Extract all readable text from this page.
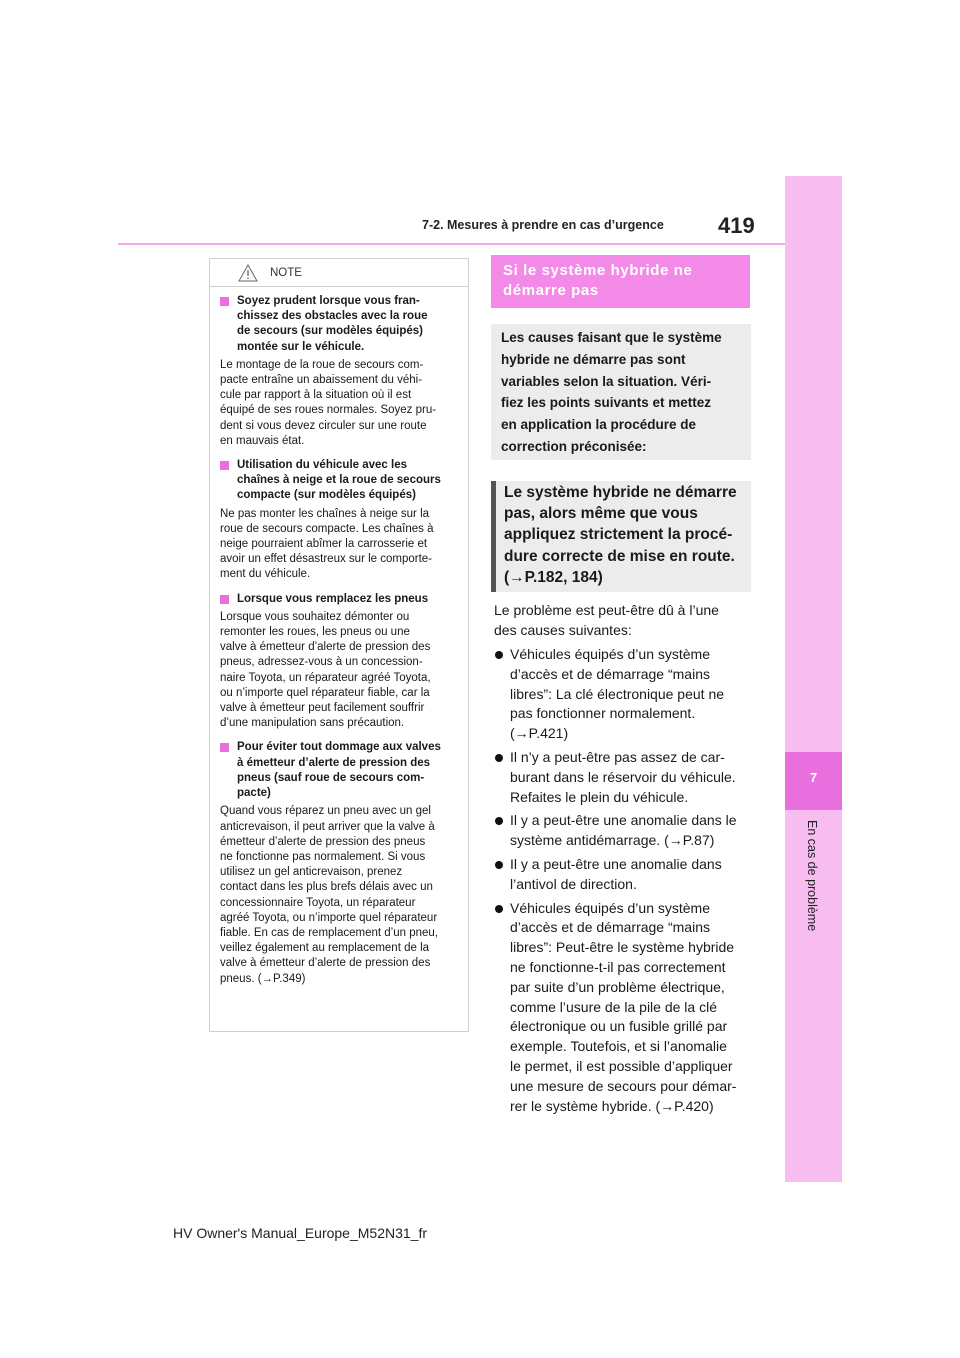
7
En cas de problème
7-2. Mesures à prendre en cas d’urgence 419
NOTE
Soyez prudent lorsque vous fran-
chissez des obstacles avec la roue
de secours (sur modèles équipés)
montée sur le véhicule.
Le montage de la roue de secours com-
pacte entraîne un abaissement du véhi-
cule par rapport à la situation où il est
équipé de ses roues normales. Soyez pru-
dent si vous devez circuler sur une route
en mauvais état.
Utilisation du véhicule avec les
chaînes à neige et la roue de secours
compacte (sur modèles équipés)
Ne pas monter les chaînes à neige sur la
roue de secours compacte. Les chaînes à
neige pourraient abîmer la carrosserie et
avoir un effet désastreux sur le comporte-
ment du véhicule.
Lorsque vous remplacez les pneus
Lorsque vous souhaitez démonter ou
remonter les roues, les pneus ou une
valve à émetteur d’alerte de pression des
pneus, adressez-vous à un concession-
naire Toyota, un réparateur agréé Toyota,
ou n’importe quel réparateur fiable, car la
valve à émetteur peut facilement souffrir
d’une manipulation sans précaution.
Pour éviter tout dommage aux valves
à émetteur d’alerte de pression des
pneus (sauf roue de secours com-
pacte)
Quand vous réparez un pneu avec un gel
anticrevaison, il peut arriver que la valve à
émetteur d’alerte de pression des pneus
ne fonctionne pas normalement. Si vous
utilisez un gel anticrevaison, prenez
contact dans les plus brefs délais avec un
concessionnaire Toyota, un réparateur
agréé Toyota, ou n’importe quel réparateur
fiable. En cas de remplacement d’un pneu,
veillez également au remplacement de la
valve à émetteur d’alerte de pression des
pneus. (→P.349)
Si le système hybride ne
démarre pas

Les causes faisant que le système
hybride ne démarre pas sont
variables selon la situation. Véri-
fiez les points suivants et mettez
en application la procédure de
correction préconisée:

Le système hybride ne démarre
pas, alors même que vous
appliquez strictement la procé-
dure correcte de mise en route.
(→P.182, 184)

Le problème est peut-être dû à l’une
des causes suivantes:
Véhicules équipés d’un système
d’accès et de démarrage “mains
libres”: La clé électronique peut ne
pas fonctionner normalement.
(→P.421)
Il n’y a peut-être pas assez de car-
burant dans le réservoir du véhicule.
Refaites le plein du véhicule.
Il y a peut-être une anomalie dans le
système antidémarrage. (→P.87)
Il y a peut-être une anomalie dans
l’antivol de direction.
Véhicules équipés d’un système
d’accès et de démarrage “mains
libres”: Peut-être le système hybride
ne fonctionne-t-il pas correctement
par suite d’un problème électrique,
comme l’usure de la pile de la clé
électronique ou un fusible grillé par
exemple. Toutefois, et si l’anomalie
le permet, il est possible d’appliquer
une mesure de secours pour démar-
rer le système hybride. (→P.420)
HV Owner's Manual_Europe_M52N31_fr
